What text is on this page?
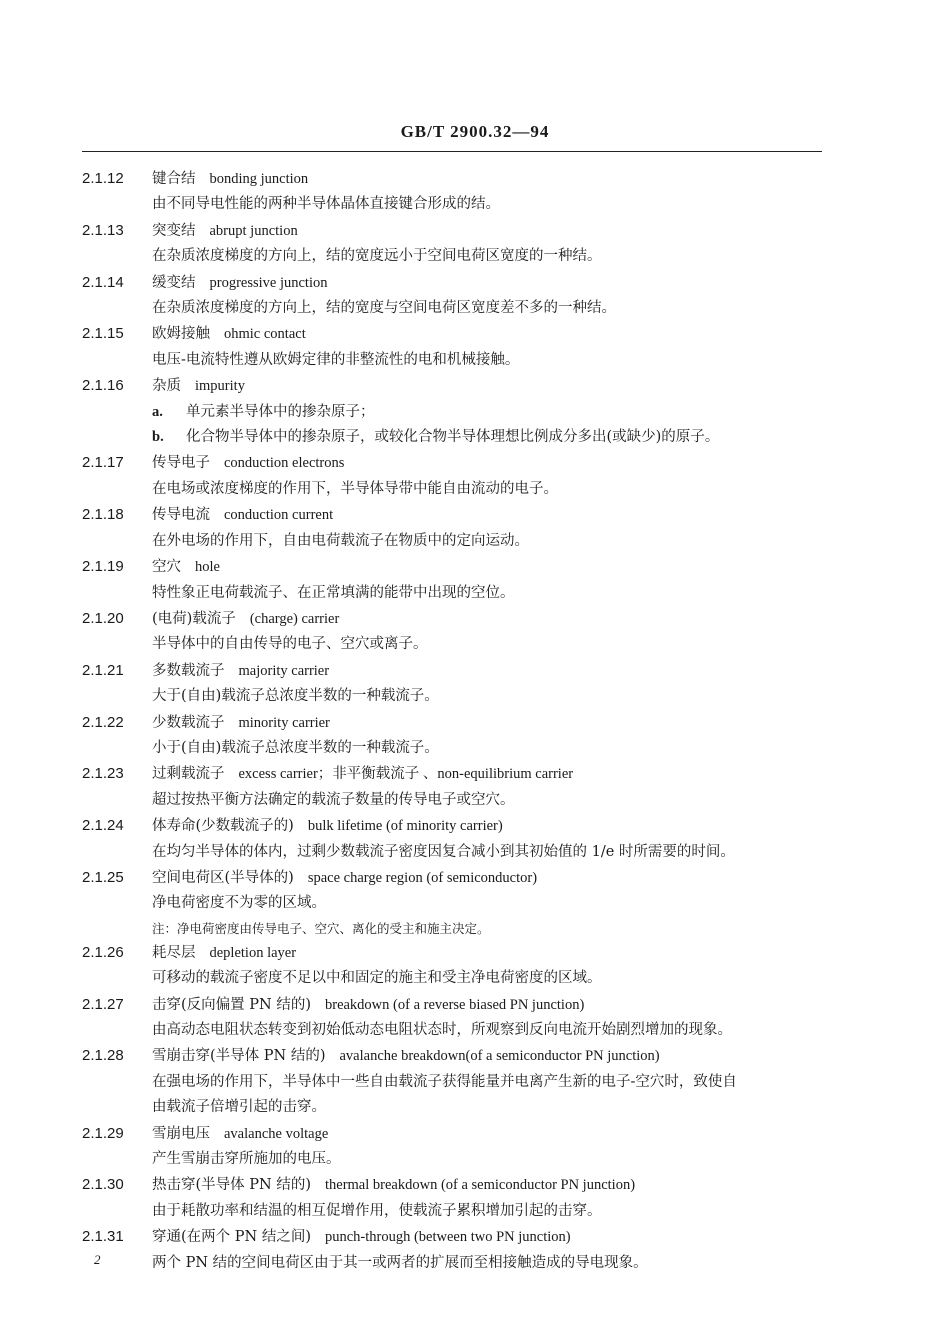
GB/T 2900.32—94
2.1.12 键合结 bonding junction
由不同导电性能的两种半导体晶体直接键合形成的结。
2.1.13 突变结 abrupt junction
在杂质浓度梯度的方向上，结的宽度远小于空间电荷区宽度的一种结。
2.1.14 缓变结 progressive junction
在杂质浓度梯度的方向上，结的宽度与空间电荷区宽度差不多的一种结。
2.1.15 欧姆接触 ohmic contact
电压-电流特性遵从欧姆定律的非整流性的电和机械接触。
2.1.16 杂质 impurity
a. 单元素半导体中的掺杂原子；
b. 化合物半导体中的掺杂原子，或较化合物半导体理想比例成分多出(或缺少)的原子。
2.1.17 传导电子 conduction electrons
在电场或浓度梯度的作用下，半导体导带中能自由流动的电子。
2.1.18 传导电流 conduction current
在外电场的作用下，自由电荷载流子在物质中的定向运动。
2.1.19 空穴 hole
特性象正电荷载流子、在正常填满的能带中出现的空位。
2.1.20 (电荷)载流子 (charge) carrier
半导体中的自由传导的电子、空穴或离子。
2.1.21 多数载流子 majority carrier
大于(自由)载流子总浓度半数的一种载流子。
2.1.22 少数载流子 minority carrier
小于(自由)载流子总浓度半数的一种载流子。
2.1.23 过剩载流子 excess carrier；非平衡载流子 、non-equilibrium carrier
超过按热平衡方法确定的载流子数量的传导电子或空穴。
2.1.24 体寿命(少数载流子的) bulk lifetime (of minority carrier)
在均匀半导体的体内，过剩少数载流子密度因复合减小到其初始值的 1/e 时所需要的时间。
2.1.25 空间电荷区(半导体的) space charge region (of semiconductor)
净电荷密度不为零的区域。
注：净电荷密度由传导电子、空穴、离化的受主和施主决定。
2.1.26 耗尽层 depletion layer
可移动的载流子密度不足以中和固定的施主和受主净电荷密度的区域。
2.1.27 击穿(反向偏置 PN 结的) breakdown (of a reverse biased PN junction)
由高动态电阻状态转变到初始低动态电阻状态时，所观察到反向电流开始剧烈增加的现象。
2.1.28 雪崩击穿(半导体 PN 结的) avalanche breakdown(of a semiconductor PN junction)
在强电场的作用下，半导体中一些自由载流子获得能量并电离产生新的电子-空穴时，致使自
由载流子倍增引起的击穿。
2.1.29 雪崩电压 avalanche voltage
产生雪崩击穿所施加的电压。
2.1.30 热击穿(半导体 PN 结的) thermal breakdown (of a semiconductor PN junction)
由于耗散功率和结温的相互促增作用，使载流子累积增加引起的击穿。
2.1.31 穿通(在两个 PN 结之间) punch-through (between two PN junction)
两个 PN 结的空间电荷区由于其一或两者的扩展而至相接触造成的导电现象。
2
